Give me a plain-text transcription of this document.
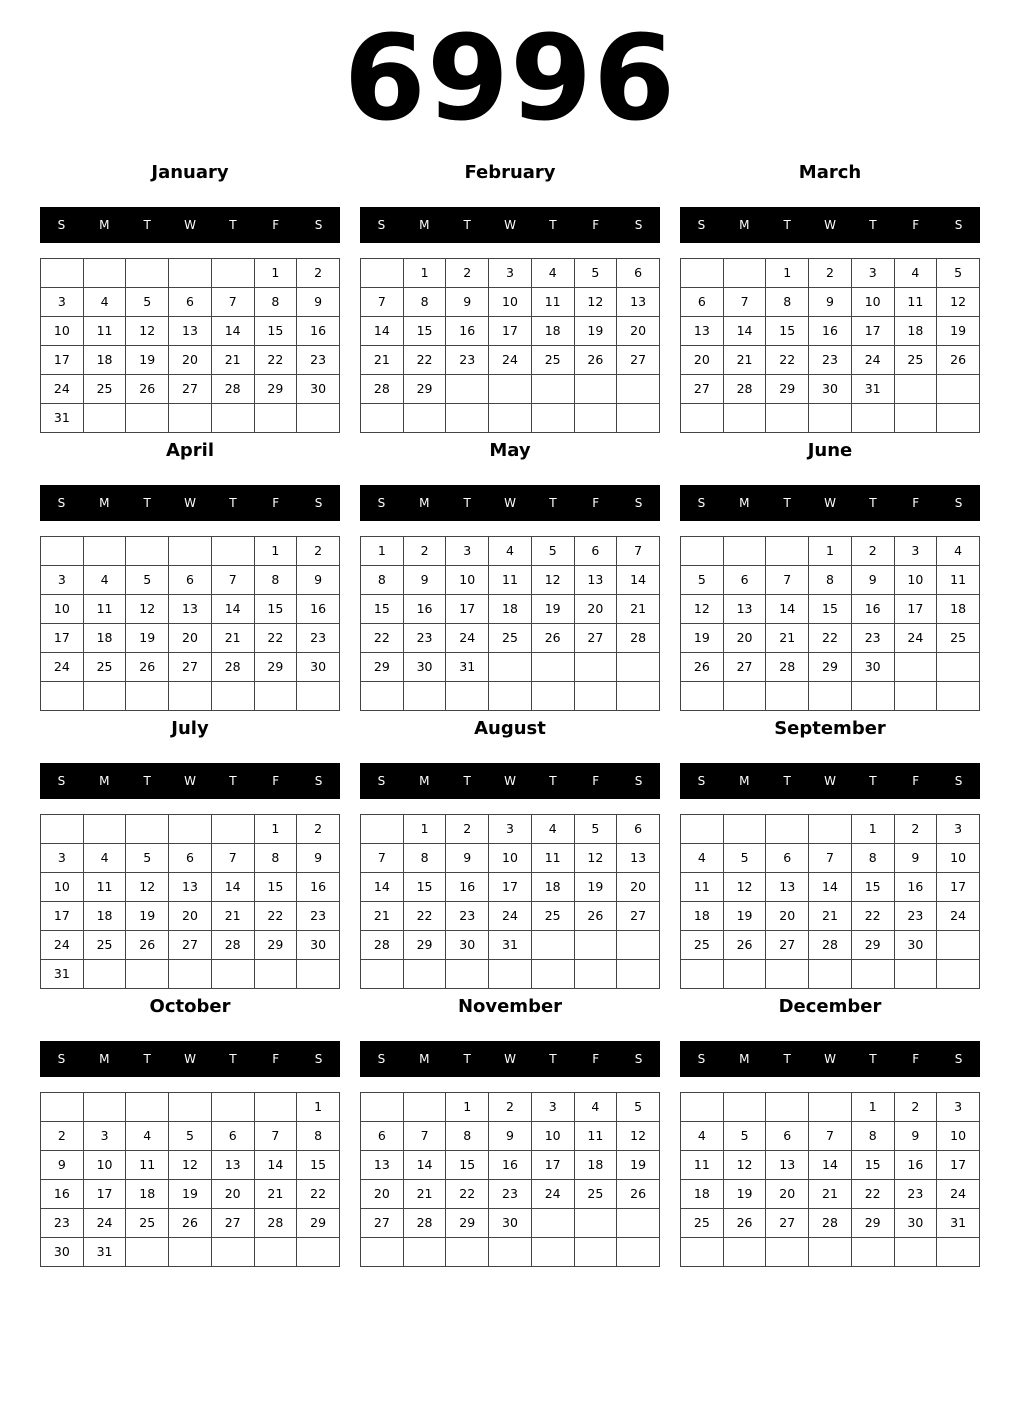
6996
January
S	M	T	W	T	F	S
					1	2
3	4	5	6	7	8	9
10	11	12	13	14	15	16
17	18	19	20	21	22	23
24	25	26	27	28	29	30
31						
February
S	M	T	W	T	F	S
	1	2	3	4	5	6
7	8	9	10	11	12	13
14	15	16	17	18	19	20
21	22	23	24	25	26	27
28	29					

March
S	M	T	W	T	F	S
		1	2	3	4	5
6	7	8	9	10	11	12
13	14	15	16	17	18	19
20	21	22	23	24	25	26
27	28	29	30	31		

April
S	M	T	W	T	F	S
					1	2
3	4	5	6	7	8	9
10	11	12	13	14	15	16
17	18	19	20	21	22	23
24	25	26	27	28	29	30

May
S	M	T	W	T	F	S
1	2	3	4	5	6	7
8	9	10	11	12	13	14
15	16	17	18	19	20	21
22	23	24	25	26	27	28
29	30	31				

June
S	M	T	W	T	F	S
			1	2	3	4
5	6	7	8	9	10	11
12	13	14	15	16	17	18
19	20	21	22	23	24	25
26	27	28	29	30		

July
S	M	T	W	T	F	S
					1	2
3	4	5	6	7	8	9
10	11	12	13	14	15	16
17	18	19	20	21	22	23
24	25	26	27	28	29	30
31						
August
S	M	T	W	T	F	S
	1	2	3	4	5	6
7	8	9	10	11	12	13
14	15	16	17	18	19	20
21	22	23	24	25	26	27
28	29	30	31			

September
S	M	T	W	T	F	S
				1	2	3
4	5	6	7	8	9	10
11	12	13	14	15	16	17
18	19	20	21	22	23	24
25	26	27	28	29	30	

October
S	M	T	W	T	F	S
						1
2	3	4	5	6	7	8
9	10	11	12	13	14	15
16	17	18	19	20	21	22
23	24	25	26	27	28	29
30	31					
November
S	M	T	W	T	F	S
		1	2	3	4	5
6	7	8	9	10	11	12
13	14	15	16	17	18	19
20	21	22	23	24	25	26
27	28	29	30			

December
S	M	T	W	T	F	S
				1	2	3
4	5	6	7	8	9	10
11	12	13	14	15	16	17
18	19	20	21	22	23	24
25	26	27	28	29	30	31
